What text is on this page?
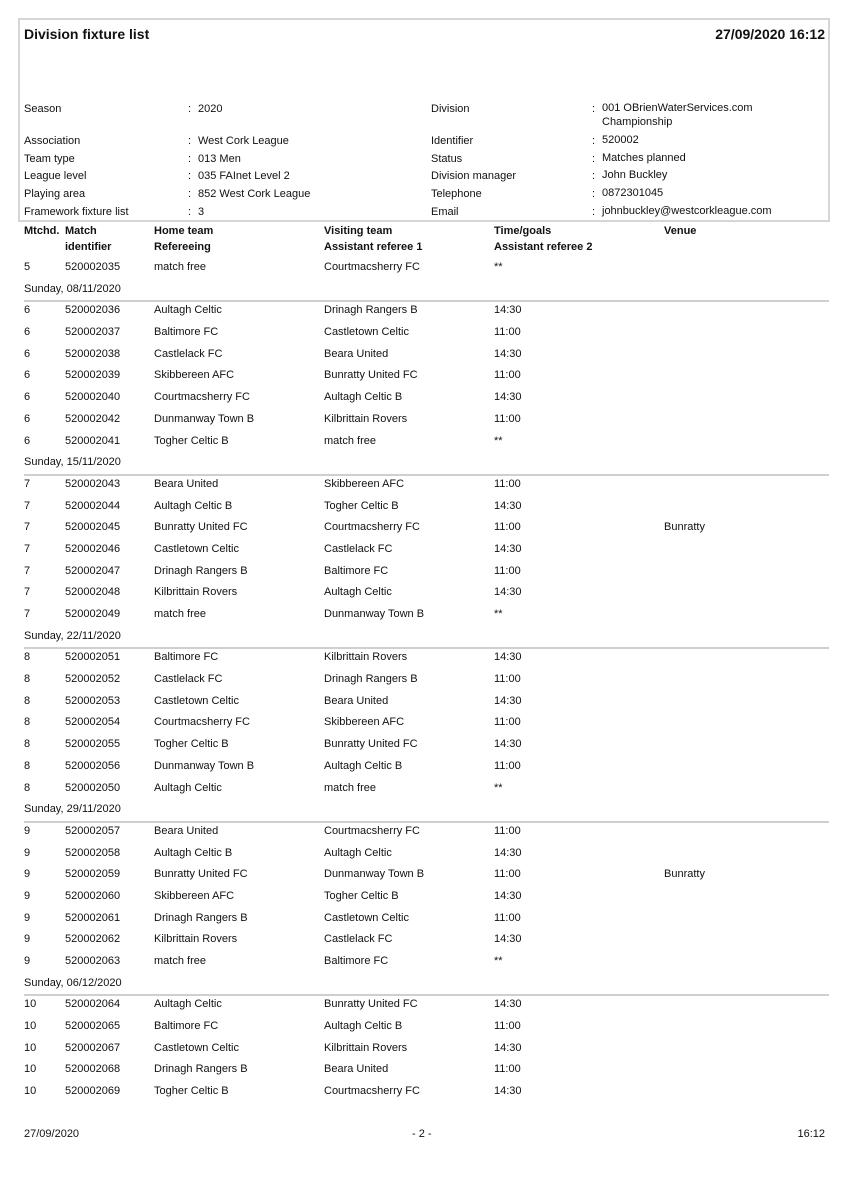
Division fixture list	27/09/2020 16:12
Season	: 2020	Division	: 001 OBrienWaterServices.com Championship
Association	: West Cork League	Identifier	: 520002
Team type	: 013 Men	Status	: Matches planned
League level	: 035 FAInet Level 2	Division manager	: John Buckley
Playing area	: 852 West Cork League	Telephone	: 0872301045
Framework fixture list	: 3	Email	: johnbuckley@westcorkleague.com
Mtchd. Match	Home team	Visiting team	Time/goals	Venue
identifier	Refereeing	Assistant referee 1	Assistant referee 2
5	520002035	match free	Courtmacsherry FC	**
Sunday, 08/11/2020
6	520002036	Aultagh Celtic	Drinagh Rangers B	14:30
6	520002037	Baltimore FC	Castletown Celtic	11:00
6	520002038	Castlelack FC	Beara United	14:30
6	520002039	Skibbereen AFC	Bunratty United FC	11:00
6	520002040	Courtmacsherry FC	Aultagh Celtic B	14:30
6	520002042	Dunmanway Town B	Kilbrittain Rovers	11:00
6	520002041	Togher Celtic B	match free	**
Sunday, 15/11/2020
7	520002043	Beara United	Skibbereen AFC	11:00
7	520002044	Aultagh Celtic B	Togher Celtic B	14:30
7	520002045	Bunratty United FC	Courtmacsherry FC	11:00	Bunratty
7	520002046	Castletown Celtic	Castlelack FC	14:30
7	520002047	Drinagh Rangers B	Baltimore FC	11:00
7	520002048	Kilbrittain Rovers	Aultagh Celtic	14:30
7	520002049	match free	Dunmanway Town B	**
Sunday, 22/11/2020
8	520002051	Baltimore FC	Kilbrittain Rovers	14:30
8	520002052	Castlelack FC	Drinagh Rangers B	11:00
8	520002053	Castletown Celtic	Beara United	14:30
8	520002054	Courtmacsherry FC	Skibbereen AFC	11:00
8	520002055	Togher Celtic B	Bunratty United FC	14:30
8	520002056	Dunmanway Town B	Aultagh Celtic B	11:00
8	520002050	Aultagh Celtic	match free	**
Sunday, 29/11/2020
9	520002057	Beara United	Courtmacsherry FC	11:00
9	520002058	Aultagh Celtic B	Aultagh Celtic	14:30
9	520002059	Bunratty United FC	Dunmanway Town B	11:00	Bunratty
9	520002060	Skibbereen AFC	Togher Celtic B	14:30
9	520002061	Drinagh Rangers B	Castletown Celtic	11:00
9	520002062	Kilbrittain Rovers	Castlelack FC	14:30
9	520002063	match free	Baltimore FC	**
Sunday, 06/12/2020
10	520002064	Aultagh Celtic	Bunratty United FC	14:30
10	520002065	Baltimore FC	Aultagh Celtic B	11:00
10	520002067	Castletown Celtic	Kilbrittain Rovers	14:30
10	520002068	Drinagh Rangers B	Beara United	11:00
10	520002069	Togher Celtic B	Courtmacsherry FC	14:30
27/09/2020	- 2 -	16:12
